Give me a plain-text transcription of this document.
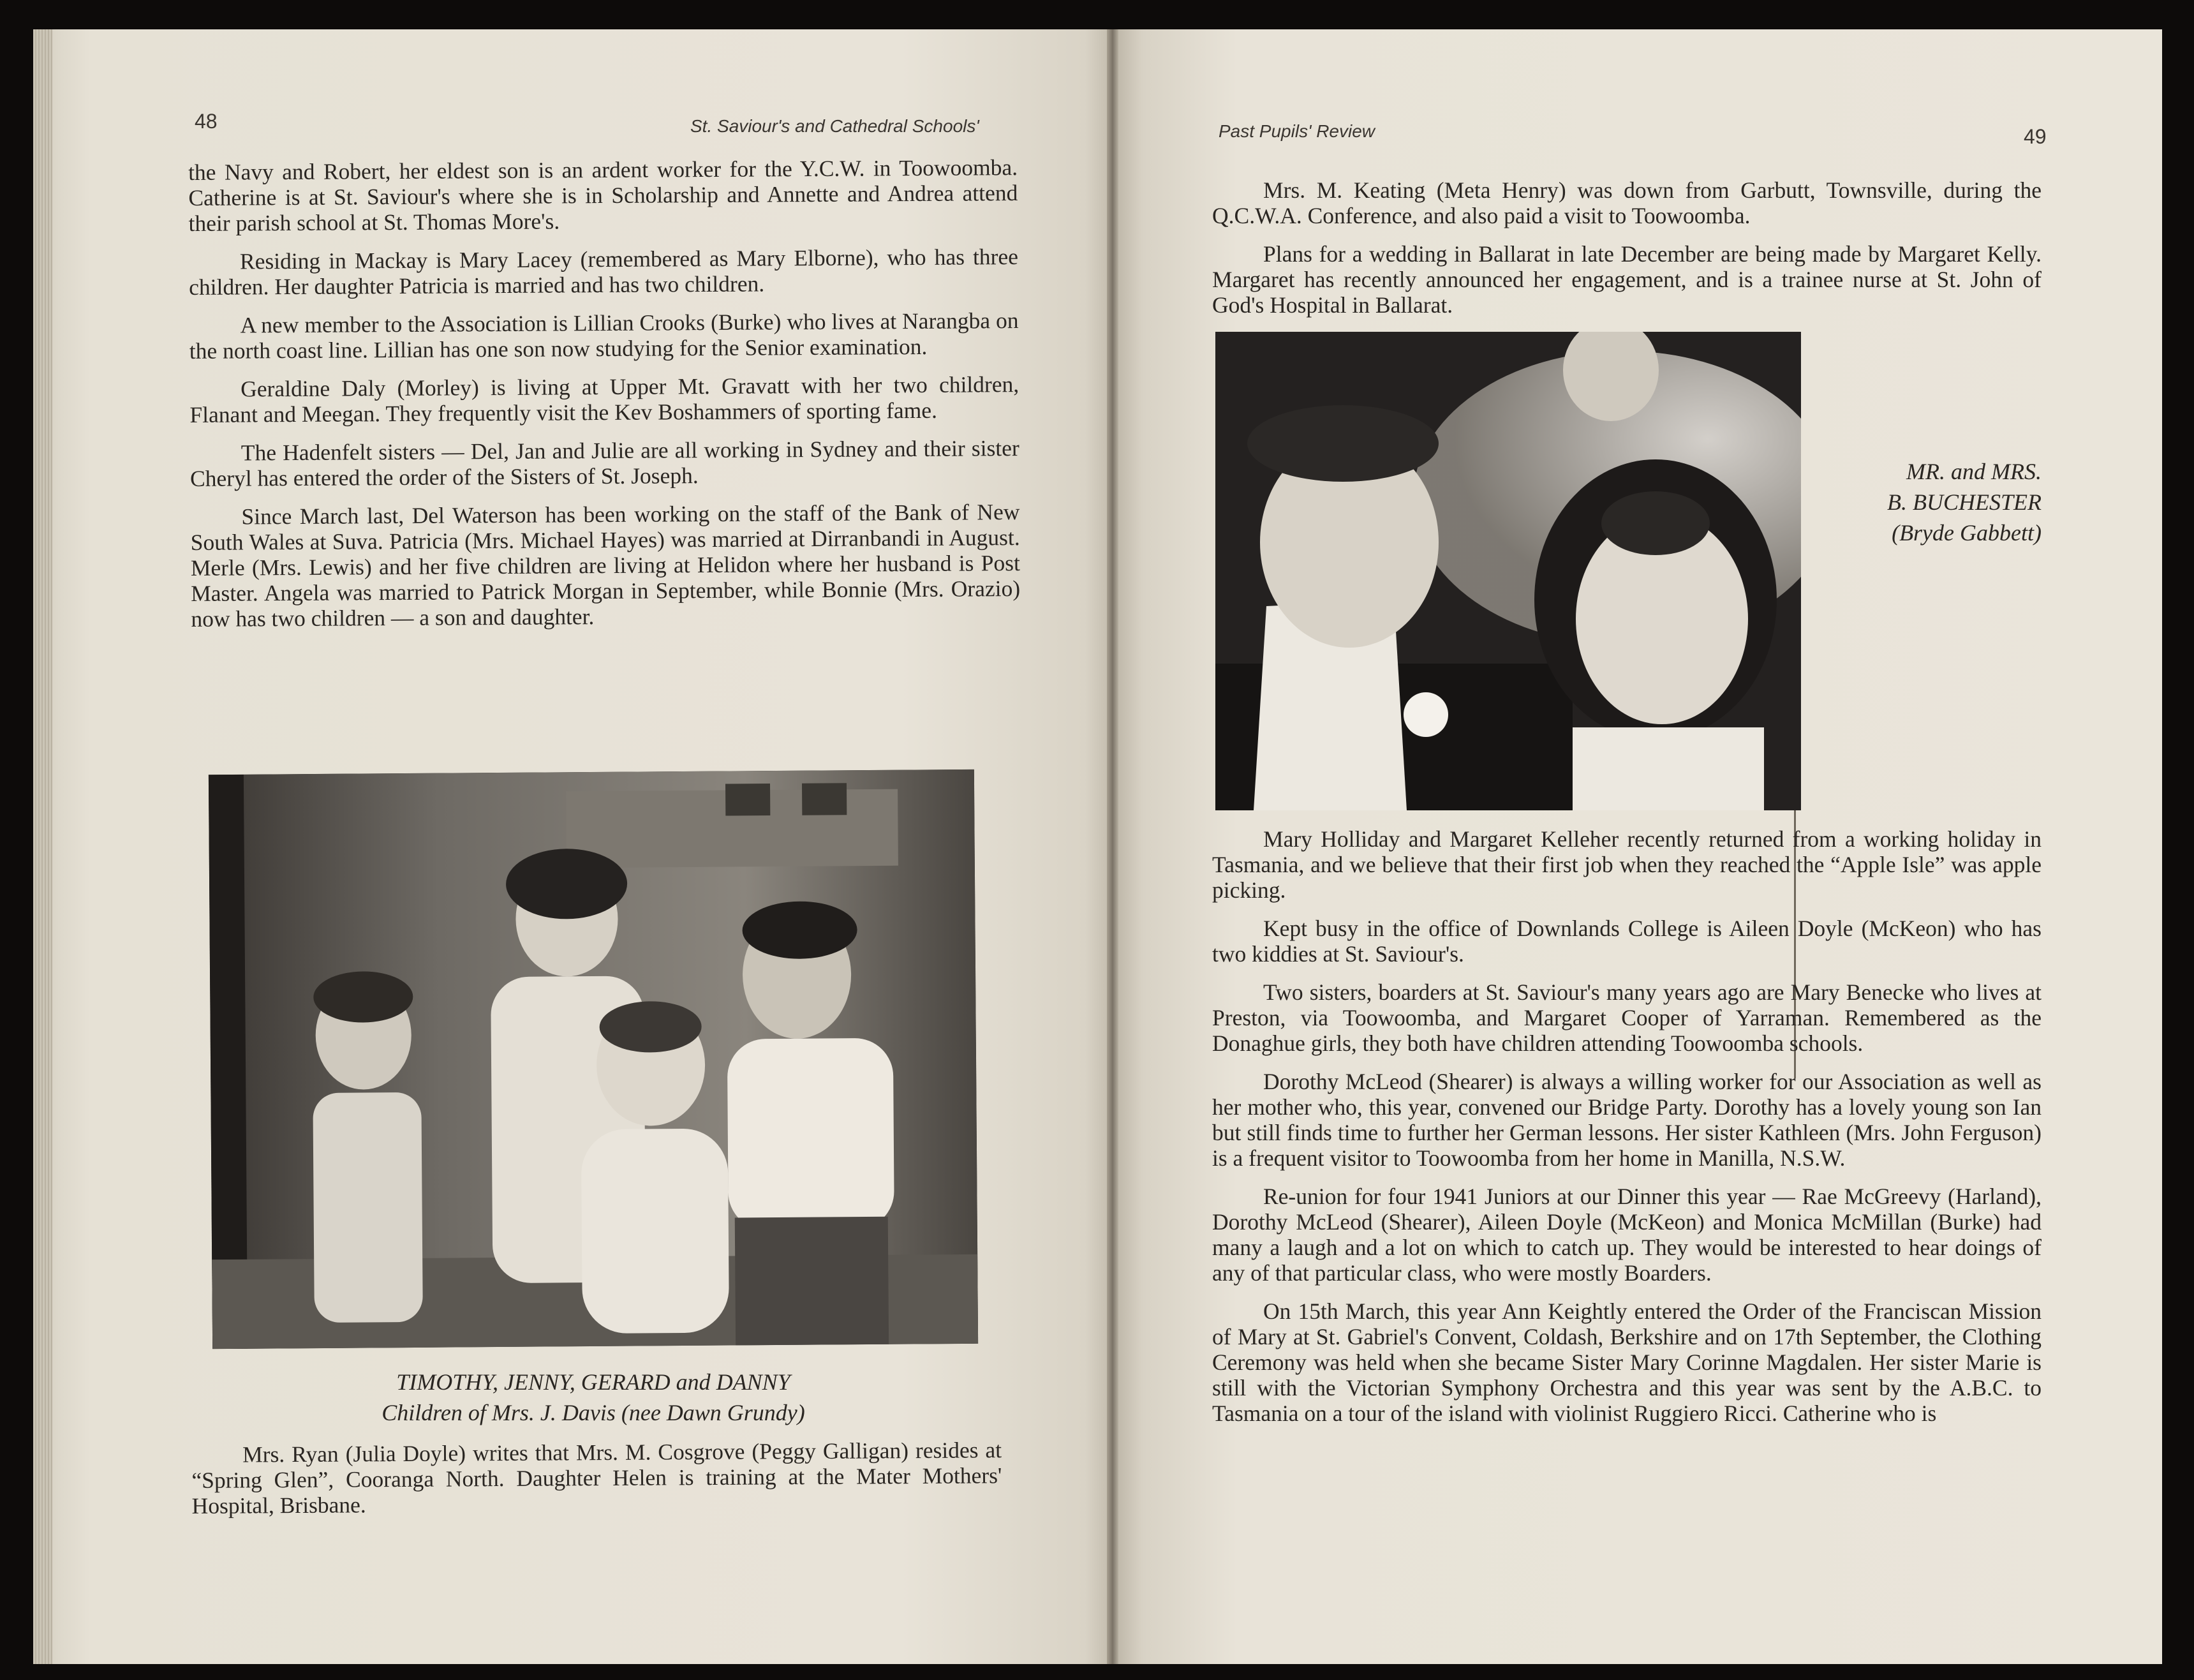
48	St. Saviour's and Cathedral Schools'

the Navy and Robert, her eldest son is an ardent worker for the Y.C.W. in Toowoomba. Catherine is at St. Saviour's where she is in Scholarship and Annette and Andrea attend their parish school at St. Thomas More's.

Residing in Mackay is Mary Lacey (remembered as Mary Elborne), who has three children. Her daughter Patricia is married and has two children.

A new member to the Association is Lillian Crooks (Burke) who lives at Narangba on the north coast line. Lillian has one son now studying for the Senior examination.

Geraldine Daly (Morley) is living at Upper Mt. Gravatt with her two children, Flanant and Meegan. They frequently visit the Kev Boshammers of sporting fame.

The Hadenfelt sisters — Del, Jan and Julie are all working in Sydney and their sister Cheryl has entered the order of the Sisters of St. Joseph.

Since March last, Del Waterson has been working on the staff of the Bank of New South Wales at Suva. Patricia (Mrs. Michael Hayes) was married at Dirranbandi in August. Merle (Mrs. Lewis) and her five children are living at Helidon where her husband is Post Master. Angela was married to Patrick Morgan in September, while Bonnie (Mrs. Orazio) now has two children — a son and daughter.

TIMOTHY, JENNY, GERARD and DANNY
Children of Mrs. J. Davis (nee Dawn Grundy)

Mrs. Ryan (Julia Doyle) writes that Mrs. M. Cosgrove (Peggy Galligan) resides at “Spring Glen”, Cooranga North. Daughter Helen is training at the Mater Mothers' Hospital, Brisbane.

Past Pupils' Review	49

Mrs. M. Keating (Meta Henry) was down from Garbutt, Townsville, during the Q.C.W.A. Conference, and also paid a visit to Toowoomba.

Plans for a wedding in Ballarat in late December are being made by Margaret Kelly. Margaret has recently announced her engagement, and is a trainee nurse at St. John of God's Hospital in Ballarat.

MR. and MRS.
B. BUCHESTER
(Bryde Gabbett)

Mary Holliday and Margaret Kelleher recently returned from a working holiday in Tasmania, and we believe that their first job when they reached the “Apple Isle” was apple picking.

Kept busy in the office of Downlands College is Aileen Doyle (McKeon) who has two kiddies at St. Saviour's.

Two sisters, boarders at St. Saviour's many years ago are Mary Benecke who lives at Preston, via Toowoomba, and Margaret Cooper of Yarraman. Remembered as the Donaghue girls, they both have children attending Toowoomba schools.

Dorothy McLeod (Shearer) is always a willing worker for our Association as well as her mother who, this year, convened our Bridge Party. Dorothy has a lovely young son Ian but still finds time to further her German lessons. Her sister Kathleen (Mrs. John Ferguson) is a frequent visitor to Toowoomba from her home in Manilla, N.S.W.

Re-union for four 1941 Juniors at our Dinner this year — Rae McGreevy (Harland), Dorothy McLeod (Shearer), Aileen Doyle (McKeon) and Monica McMillan (Burke) had many a laugh and a lot on which to catch up. They would be interested to hear doings of any of that particular class, who were mostly Boarders.

On 15th March, this year Ann Keightly entered the Order of the Franciscan Mission of Mary at St. Gabriel's Convent, Coldash, Berkshire and on 17th September, the Clothing Ceremony was held when she became Sister Mary Corinne Magdalen. Her sister Marie is still with the Victorian Symphony Orchestra and this year was sent by the A.B.C. to Tasmania on a tour of the island with violinist Ruggiero Ricci. Catherine who is
